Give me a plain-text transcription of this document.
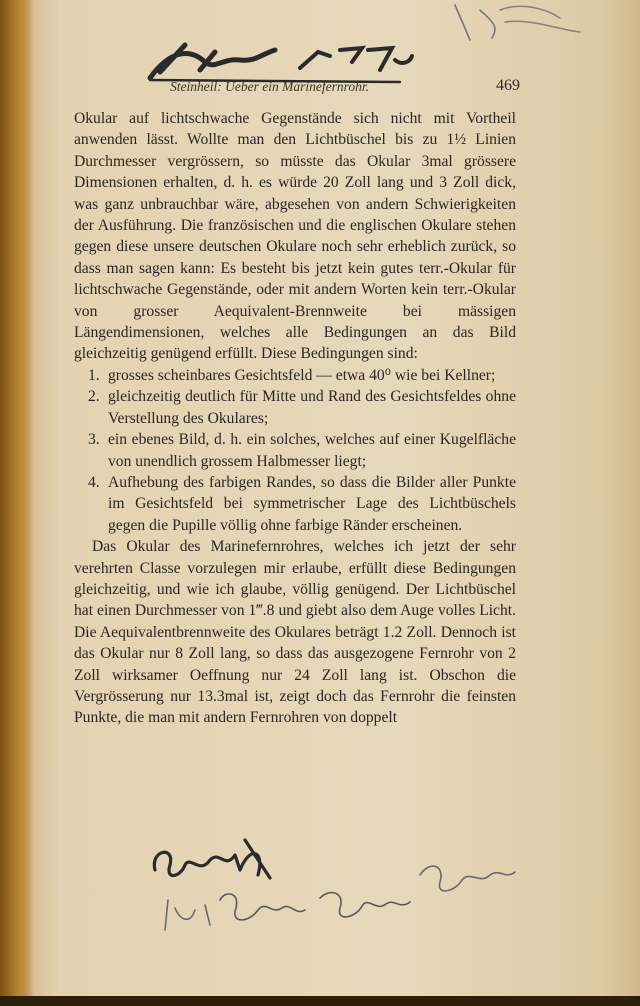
Steinheil: Ueber ein Marinefernrohr.	469

Okular auf lichtschwache Gegenstände sich nicht mit Vortheil anwenden lässt. Wollte man den Lichtbüschel bis zu 1½ Linien Durchmesser vergrössern, so müsste das Okular 3mal grössere Dimensionen erhalten, d. h. es würde 20 Zoll lang und 3 Zoll dick, was ganz unbrauchbar wäre, abgesehen von andern Schwierigkeiten der Ausführung. Die französischen und die englischen Okulare stehen gegen diese unsere deutschen Okulare noch sehr erheblich zurück, so dass man sagen kann: Es besteht bis jetzt kein gutes terr.-Okular für lichtschwache Gegenstände, oder mit andern Worten kein terr.-Okular von grosser Aequivalent-Brennweite bei mässigen Längendimensionen, welches alle Bedingungen an das Bild gleichzeitig genügend erfüllt. Diese Bedingungen sind:

1. grosses scheinbares Gesichtsfeld — etwa 40⁰ wie bei Kellner;

2. gleichzeitig deutlich für Mitte und Rand des Gesichtsfeldes ohne Verstellung des Okulares;

3. ein ebenes Bild, d. h. ein solches, welches auf einer Kugelfläche von unendlich grossem Halbmesser liegt;

4. Aufhebung des farbigen Randes, so dass die Bilder aller Punkte im Gesichtsfeld bei symmetrischer Lage des Lichtbüschels gegen die Pupille völlig ohne farbige Ränder erscheinen.

Das Okular des Marinefernrohres, welches ich jetzt der sehr verehrten Classe vorzulegen mir erlaube, erfüllt diese Bedingungen gleichzeitig, und wie ich glaube, völlig genügend. Der Lichtbüschel hat einen Durchmesser von 1‴.8 und giebt also dem Auge volles Licht. Die Aequivalentbrennweite des Okulares beträgt 1.2 Zoll. Dennoch ist das Okular nur 8 Zoll lang, so dass das ausgezogene Fernrohr von 2 Zoll wirksamer Oeffnung nur 24 Zoll lang ist. Obschon die Vergrösserung nur 13.3mal ist, zeigt doch das Fernrohr die feinsten Punkte, die man mit andern Fernrohren von doppelt
